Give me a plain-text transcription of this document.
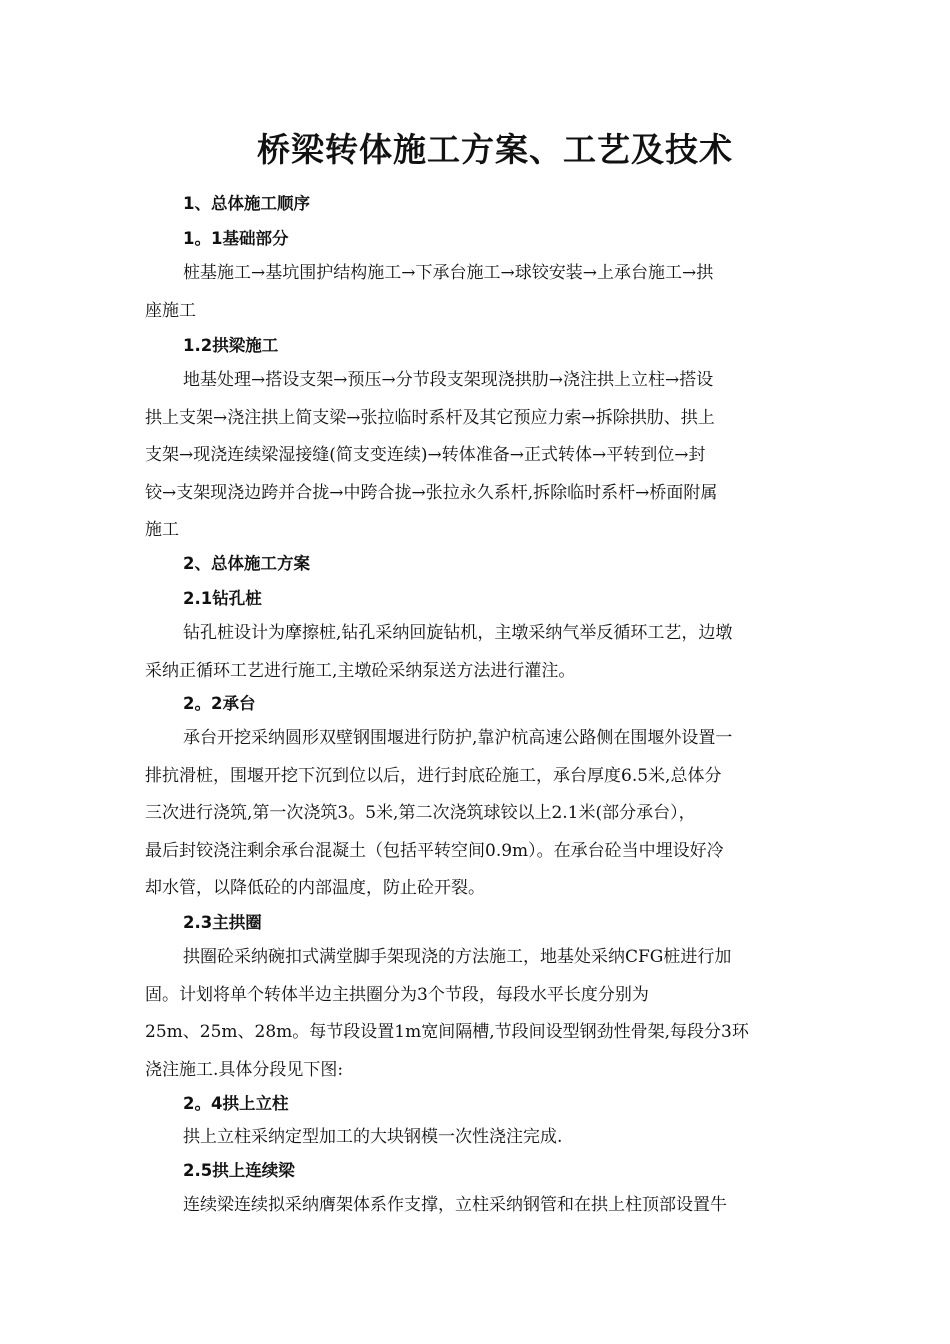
桥梁转体施工方案、工艺及技术
1、总体施工顺序
1。1基础部分
桩基施工→基坑围护结构施工→下承台施工→球铰安装→上承台施工→拱
座施工
1.2拱梁施工
地基处理→搭设支架→预压→分节段支架现浇拱肋→浇注拱上立柱→搭设
拱上支架→浇注拱上简支梁→张拉临时系杆及其它预应力索→拆除拱肋、拱上
支架→现浇连续梁湿接缝(简支变连续)→转体准备→正式转体→平转到位→封
铰→支架现浇边跨并合拢→中跨合拢→张拉永久系杆,拆除临时系杆→桥面附属
施工
2、总体施工方案
2.1钻孔桩
钻孔桩设计为摩擦桩,钻孔采纳回旋钻机，主墩采纳气举反循环工艺，边墩
采纳正循环工艺进行施工,主墩砼采纳泵送方法进行灌注。
2。2承台
承台开挖采纳圆形双壁钢围堰进行防护,靠沪杭高速公路侧在围堰外设置一
排抗滑桩，围堰开挖下沉到位以后，进行封底砼施工，承台厚度6.5米,总体分
三次进行浇筑,第一次浇筑3。5米,第二次浇筑球铰以上2.1米(部分承台），
最后封铰浇注剩余承台混凝土（包括平转空间0.9m）。在承台砼当中埋设好冷
却水管，以降低砼的内部温度，防止砼开裂。
2.3主拱圈
拱圈砼采纳碗扣式满堂脚手架现浇的方法施工，地基处采纳CFG桩进行加
固。计划将单个转体半边主拱圈分为3个节段，每段水平长度分别为
25m、25m、28m。每节段设置1m宽间隔槽,节段间设型钢劲性骨架,每段分3环
浇注施工.具体分段见下图:
2。4拱上立柱
拱上立柱采纳定型加工的大块钢模一次性浇注完成.
2.5拱上连续梁
连续梁连续拟采纳膺架体系作支撑，立柱采纳钢管和在拱上柱顶部设置牛
